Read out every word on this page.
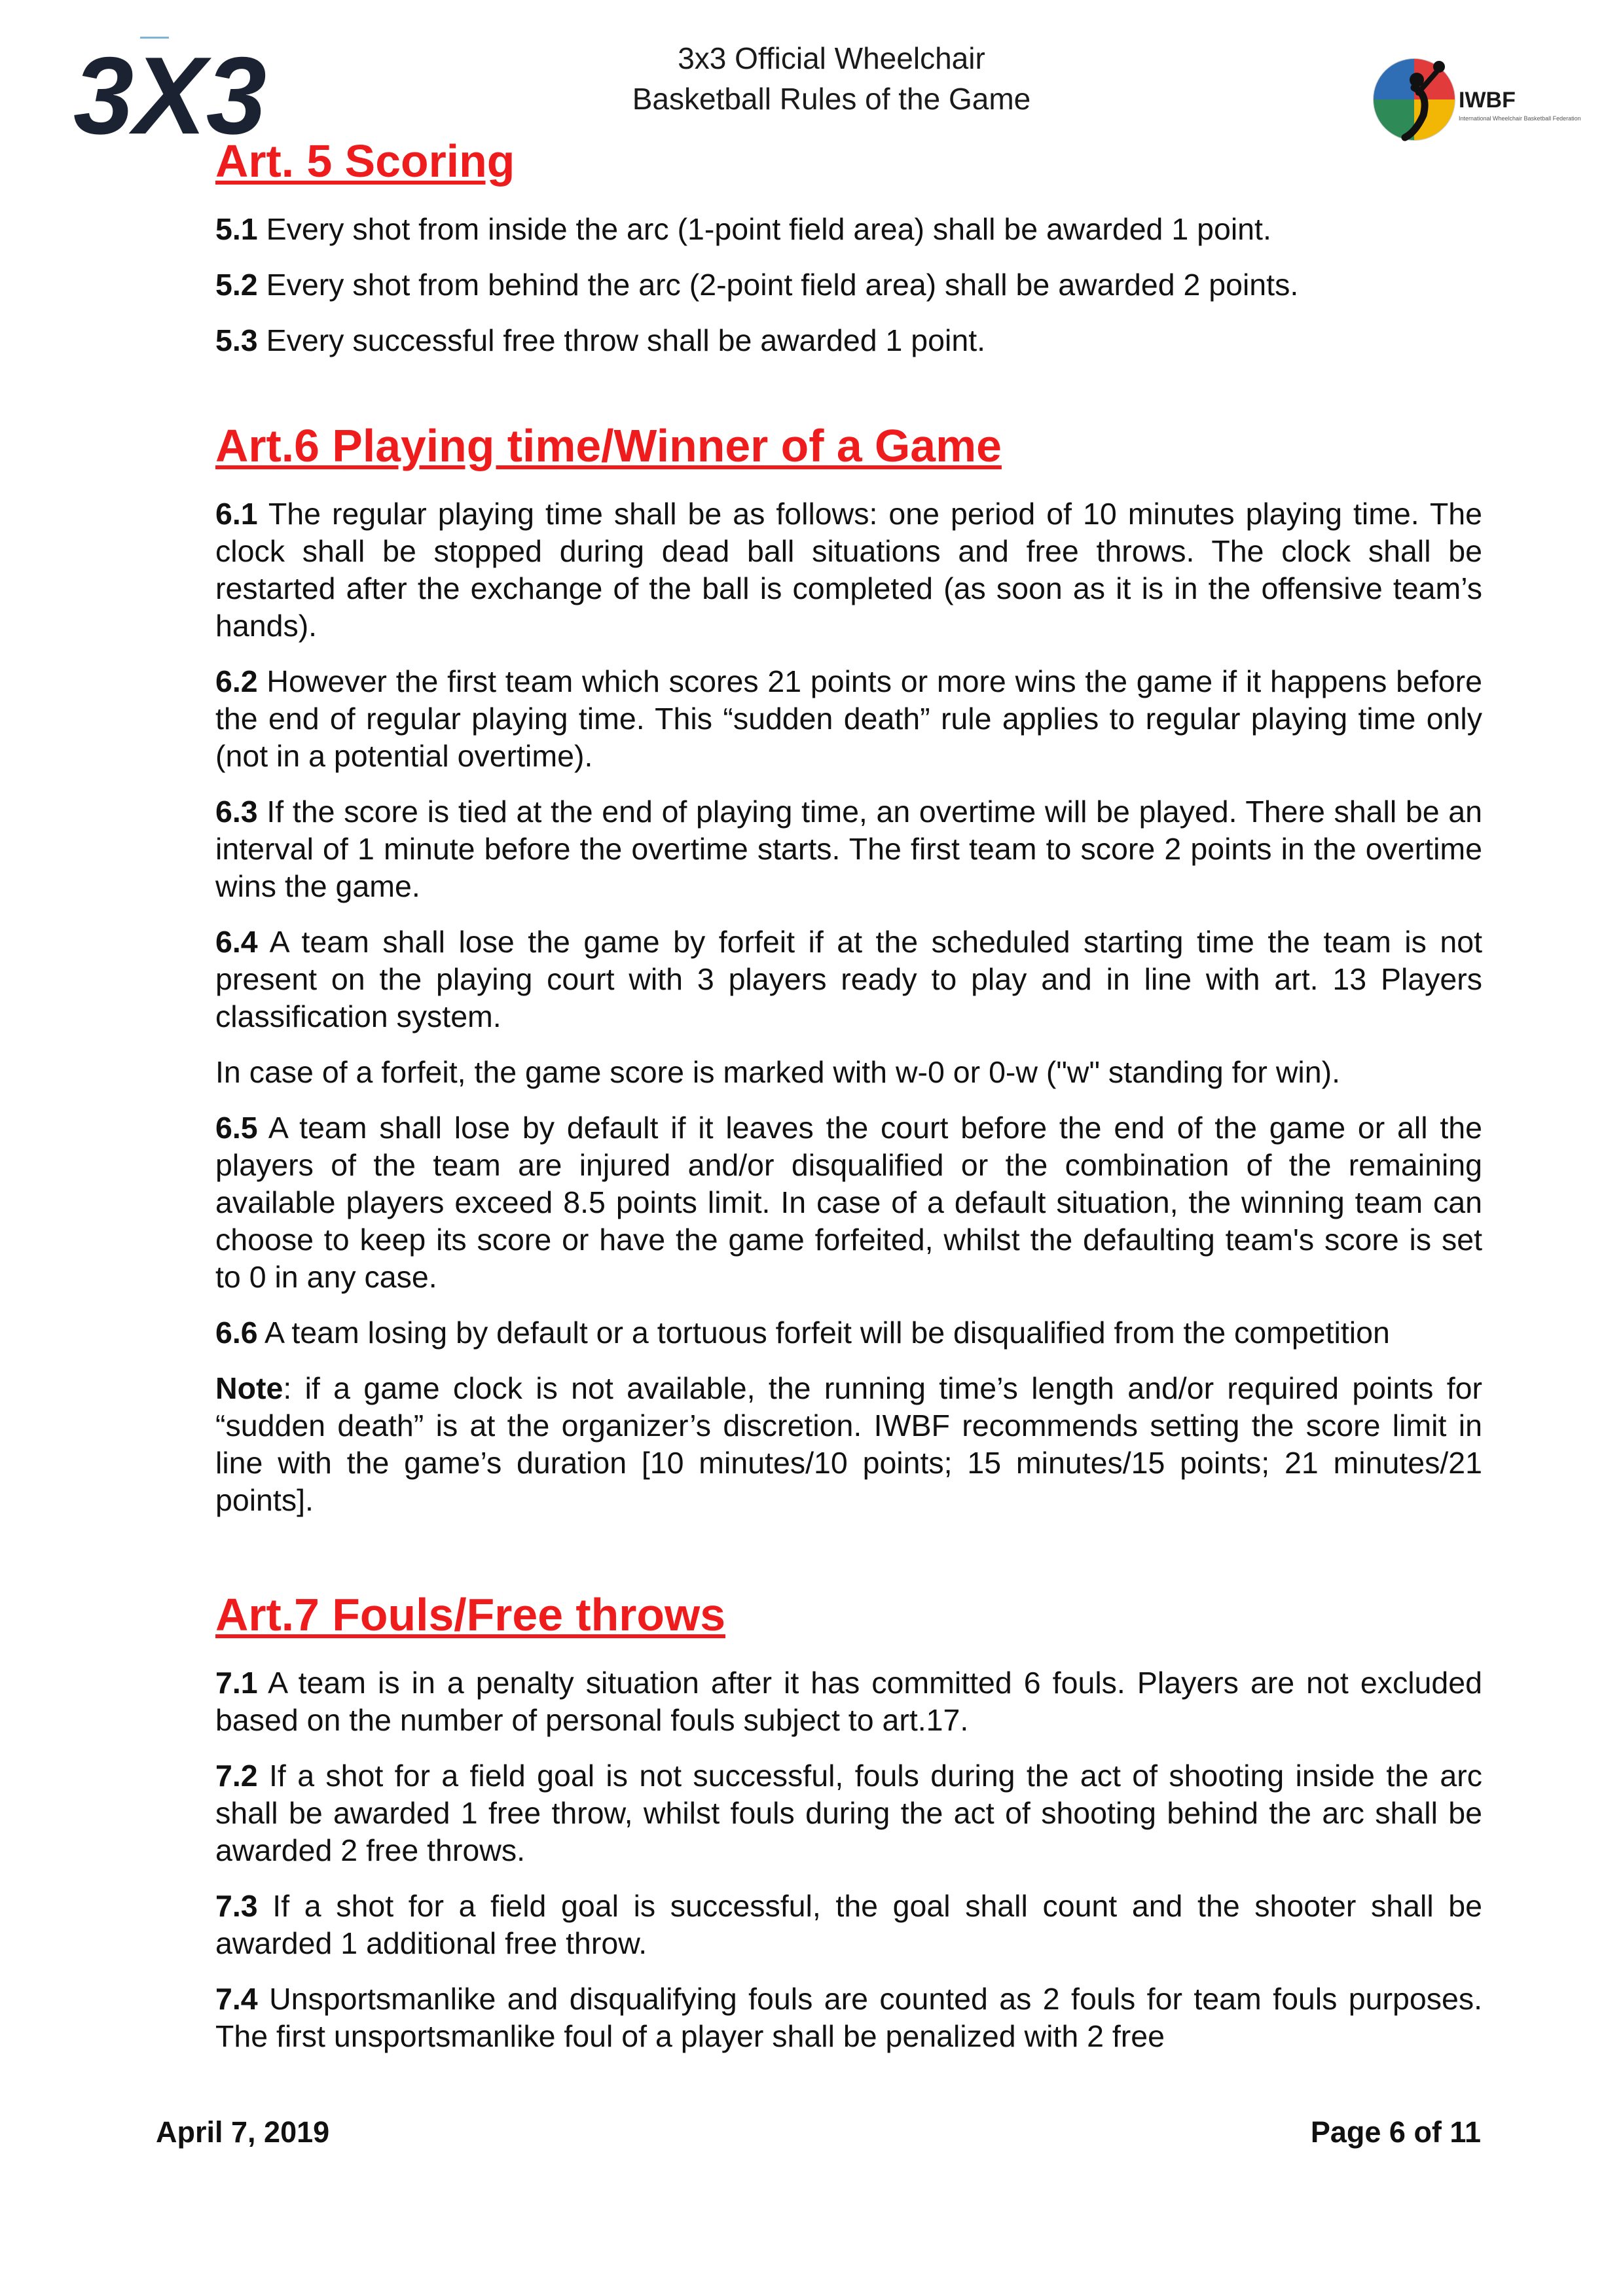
3X3	3x3 Official Wheelchair
Basketball Rules of the Game	IWBF
International Wheelchair Basketball Federation
Art. 5 Scoring

5.1 Every shot from inside the arc (1-point field area) shall be awarded 1 point.

5.2 Every shot from behind the arc (2-point field area) shall be awarded 2 points.

5.3 Every successful free throw shall be awarded 1 point.

Art.6 Playing time/Winner of a Game

6.1 The regular playing time shall be as follows: one period of 10 minutes playing time. The clock shall be stopped during dead ball situations and free throws. The clock shall be restarted after the exchange of the ball is completed (as soon as it is in the offensive team’s hands).

6.2 However the first team which scores 21 points or more wins the game if it happens before the end of regular playing time. This “sudden death” rule applies to regular playing time only (not in a potential overtime).

6.3 If the score is tied at the end of playing time, an overtime will be played. There shall be an interval of 1 minute before the overtime starts. The first team to score 2 points in the overtime wins the game.

6.4 A team shall lose the game by forfeit if at the scheduled starting time the team is not present on the playing court with 3 players ready to play and in line with art. 13 Players classification system.

In case of a forfeit, the game score is marked with w-0 or 0-w ("w" standing for win).

6.5 A team shall lose by default if it leaves the court before the end of the game or all the players of the team are injured and/or disqualified or the combination of the remaining available players exceed 8.5 points limit. In case of a default situation, the winning team can choose to keep its score or have the game forfeited, whilst the defaulting team's score is set to 0 in any case.

6.6 A team losing by default or a tortuous forfeit will be disqualified from the competition

Note: if a game clock is not available, the running time’s length and/or required points for “sudden death” is at the organizer’s discretion. IWBF recommends setting the score limit in line with the game’s duration [10 minutes/10 points; 15 minutes/15 points; 21 minutes/21 points].

Art.7 Fouls/Free throws

7.1 A team is in a penalty situation after it has committed 6 fouls. Players are not excluded based on the number of personal fouls subject to art.17.

7.2 If a shot for a field goal is not successful, fouls during the act of shooting inside the arc shall be awarded 1 free throw, whilst fouls during the act of shooting behind the arc shall be awarded 2 free throws.

7.3 If a shot for a field goal is successful, the goal shall count and the shooter shall be awarded 1 additional free throw.

7.4 Unsportsmanlike and disqualifying fouls are counted as 2 fouls for team fouls purposes. The first unsportsmanlike foul of a player shall be penalized with 2 free

April 7, 2019	Page 6 of 11
